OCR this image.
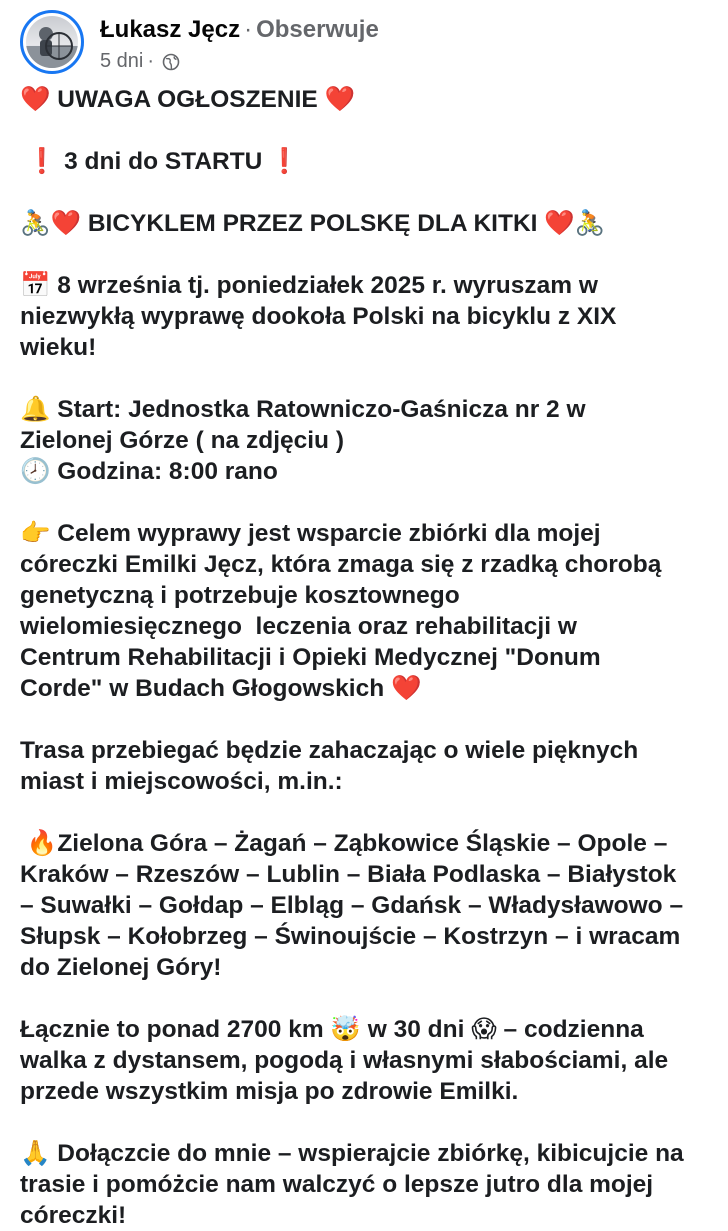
Łukasz Jęcz · Obserwuje
5 dni ·

❤️ UWAGA OGŁOSZENIE ❤️

❗ 3 dni do STARTU ❗

🚴❤️ BICYKLEM PRZEZ POLSKĘ DLA KITKI ❤️🚴

📅 8 września tj. poniedziałek 2025 r. wyruszam w

niezwykłą wyprawę dookoła Polski na bicyklu z XIX

wieku!

🔔 Start: Jednostka Ratowniczo-Gaśnicza nr 2 w

Zielonej Górze ( na zdjęciu )

🕗 Godzina: 8:00 rano

👉 Celem wyprawy jest wsparcie zbiórki dla mojej

córeczki Emilki Jęcz, która zmaga się z rzadką chorobą

genetyczną i potrzebuje kosztownego

wielomiesięcznego  leczenia oraz rehabilitacji w

Centrum Rehabilitacji i Opieki Medycznej "Donum

Corde" w Budach Głogowskich ❤️

Trasa przebiegać będzie zahaczając o wiele pięknych

miast i miejscowości, m.in.:

🔥Zielona Góra – Żagań – Ząbkowice Śląskie – Opole –

Kraków – Rzeszów – Lublin – Biała Podlaska – Białystok

– Suwałki – Gołdap – Elbląg – Gdańsk – Władysławowo –

Słupsk – Kołobrzeg – Świnoujście – Kostrzyn – i wracam

do Zielonej Góry!

Łącznie to ponad 2700 km 🤯 w 30 dni 😱 – codzienna

walka z dystansem, pogodą i własnymi słabościami, ale

przede wszystkim misja po zdrowie Emilki.

🙏 Dołączcie do mnie – wspierajcie zbiórkę, kibicujcie na

trasie i pomóżcie nam walczyć o lepsze jutro dla mojej

córeczki!
